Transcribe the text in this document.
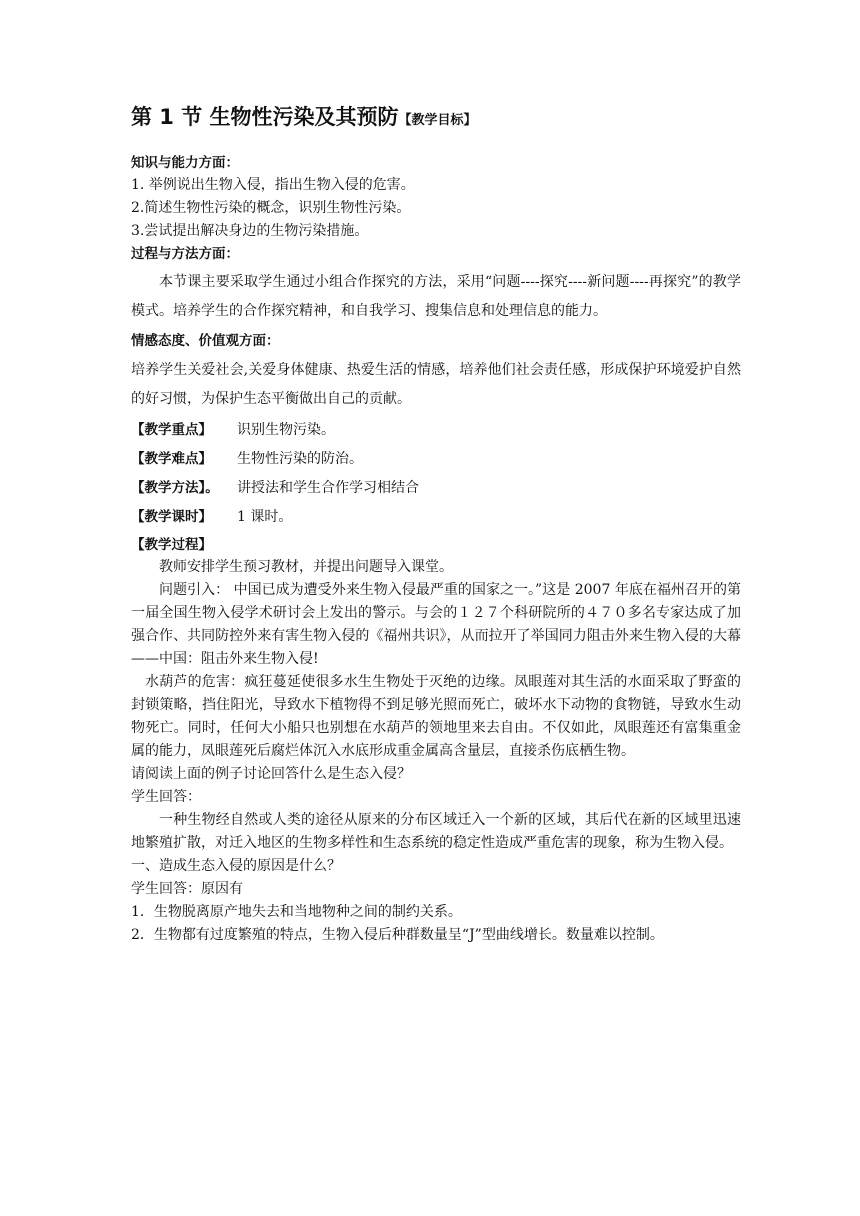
第 1 节 生物性污染及其预防【教学目标】
知识与能力方面：
1. 举例说出生物入侵，指出生物入侵的危害。
2.简述生物性污染的概念，识别生物性污染。
3.尝试提出解决身边的生物污染措施。
过程与方法方面：
本节课主要采取学生通过小组合作探究的方法，采用“问题----探究----新问题----再探究”的教学模式。培养学生的合作探究精神，和自我学习、搜集信息和处理信息的能力。
情感态度、价值观方面：
培养学生关爱社会,关爱身体健康、热爱生活的情感，培养他们社会责任感，形成保护环境爱护自然的好习惯，为保护生态平衡做出自己的贡献。
【教学重点】	识别生物污染。
【教学难点】	生物性污染的防治。
【教学方法】。	讲授法和学生合作学习相结合
【教学课时】	1 课时。
【教学过程】
教师安排学生预习教材，并提出问题导入课堂。
问题引入： 中国已成为遭受外来生物入侵最严重的国家之一。”这是 2007 年底在福州召开的第一届全国生物入侵学术研讨会上发出的警示。与会的１２７个科研院所的４７０多名专家达成了加强合作、共同防控外来有害生物入侵的《福州共识》，从而拉开了举国同力阻击外来生物入侵的大幕——中国：阻击外来生物入侵!
水葫芦的危害：疯狂蔓延使很多水生生物处于灭绝的边缘。凤眼莲对其生活的水面采取了野蛮的封锁策略，挡住阳光，导致水下植物得不到足够光照而死亡，破坏水下动物的食物链，导致水生动物死亡。同时，任何大小船只也别想在水葫芦的领地里来去自由。不仅如此，凤眼莲还有富集重金属的能力，凤眼莲死后腐烂体沉入水底形成重金属高含量层，直接杀伤底栖生物。
请阅读上面的例子讨论回答什么是生态入侵？
学生回答：
一种生物经自然或人类的途径从原来的分布区域迁入一个新的区域，其后代在新的区域里迅速地繁殖扩散，对迁入地区的生物多样性和生态系统的稳定性造成严重危害的现象，称为生物入侵。
一、造成生态入侵的原因是什么？
学生回答：原因有
1．生物脱离原产地失去和当地物种之间的制约关系。
2．生物都有过度繁殖的特点，生物入侵后种群数量呈“J”型曲线增长。数量难以控制。
